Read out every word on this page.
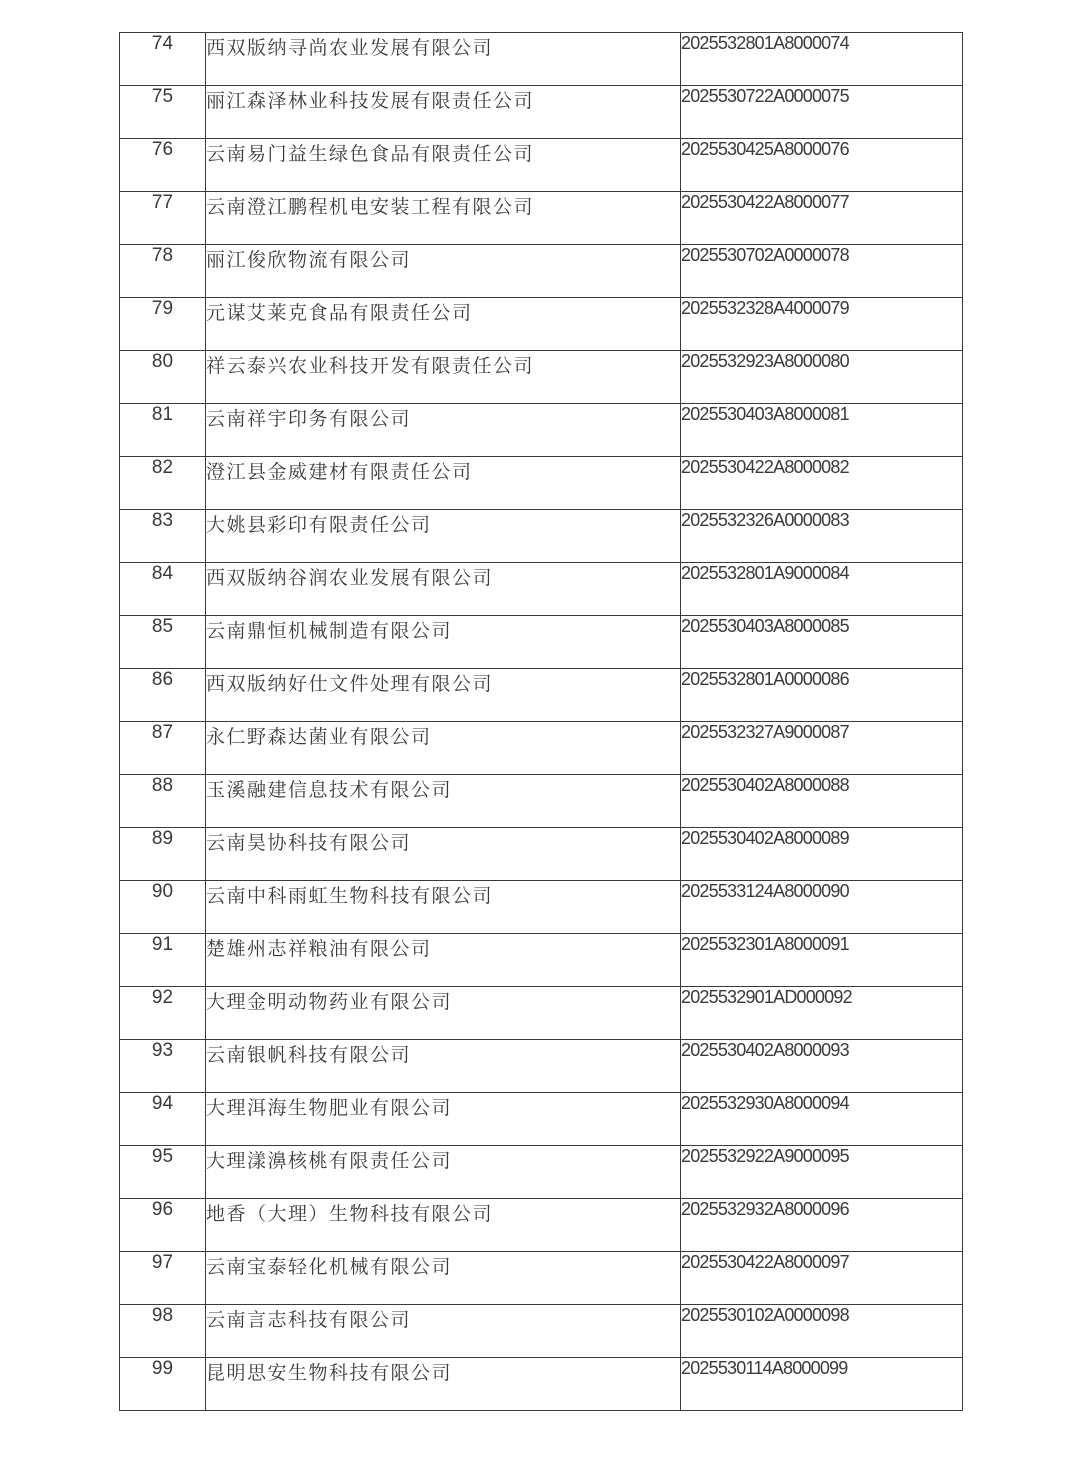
74	西双版纳寻尚农业发展有限公司	2025532801A8000074
75	丽江森泽林业科技发展有限责任公司	2025530722A0000075
76	云南易门益生绿色食品有限责任公司	2025530425A8000076
77	云南澄江鹏程机电安装工程有限公司	2025530422A8000077
78	丽江俊欣物流有限公司	2025530702A0000078
79	元谋艾莱克食品有限责任公司	2025532328A4000079
80	祥云泰兴农业科技开发有限责任公司	2025532923A8000080
81	云南祥宇印务有限公司	2025530403A8000081
82	澄江县金威建材有限责任公司	2025530422A8000082
83	大姚县彩印有限责任公司	2025532326A0000083
84	西双版纳谷润农业发展有限公司	2025532801A9000084
85	云南鼎恒机械制造有限公司	2025530403A8000085
86	西双版纳好仕文件处理有限公司	2025532801A0000086
87	永仁野森达菌业有限公司	2025532327A9000087
88	玉溪融建信息技术有限公司	2025530402A8000088
89	云南昊协科技有限公司	2025530402A8000089
90	云南中科雨虹生物科技有限公司	2025533124A8000090
91	楚雄州志祥粮油有限公司	2025532301A8000091
92	大理金明动物药业有限公司	2025532901AD000092
93	云南银帆科技有限公司	2025530402A8000093
94	大理洱海生物肥业有限公司	2025532930A8000094
95	大理漾濞核桃有限责任公司	2025532922A9000095
96	地香（大理）生物科技有限公司	2025532932A8000096
97	云南宝泰轻化机械有限公司	2025530422A8000097
98	云南言志科技有限公司	2025530102A0000098
99	昆明思安生物科技有限公司	2025530114A8000099
